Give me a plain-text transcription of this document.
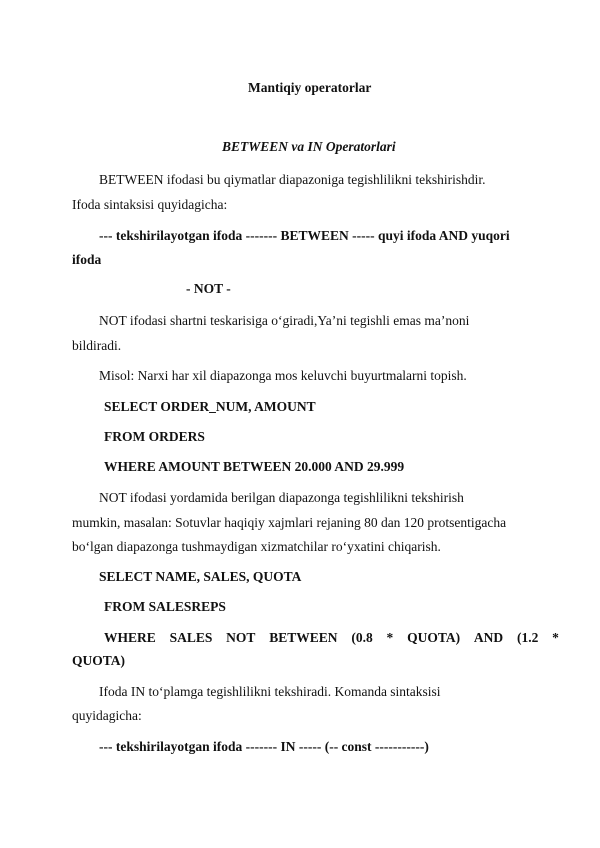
Mantiqiy operatorlar
BETWEEN va IN Operatorlari
BETWEEN ifodasi bu qiymatlar diapazoniga tegishlilikni tekshirishdir.
Ifoda sintaksisi quyidagicha:
--- tekshirilayotgan ifoda ------- BETWEEN ----- quyi ifoda AND yuqori
ifoda
- NOT -
NOT ifodasi shartni teskarisiga o‘giradi,Ya’ni tegishli emas ma’noni
bildiradi.
Misol: Narxi har xil diapazonga mos keluvchi buyurtmalarni topish.
SELECT ORDER_NUM, AMOUNT
FROM ORDERS
WHERE AMOUNT BETWEEN 20.000 AND 29.999
NOT ifodasi yordamida berilgan diapazonga tegishlilikni tekshirish
mumkin, masalan: Sotuvlar haqiqiy xajmlari rejaning 80 dan 120 protsentigacha
bo‘lgan diapazonga tushmaydigan xizmatchilar ro‘yxatini chiqarish.
SELECT NAME, SALES, QUOTA
FROM SALESREPS
WHERE SALES NOT BETWEEN (0.8 * QUOTA) AND (1.2 *
QUOTA)
Ifoda IN to‘plamga tegishlilikni tekshiradi. Komanda sintaksisi
quyidagicha:
--- tekshirilayotgan ifoda ------- IN ----- (-- const -----------)
